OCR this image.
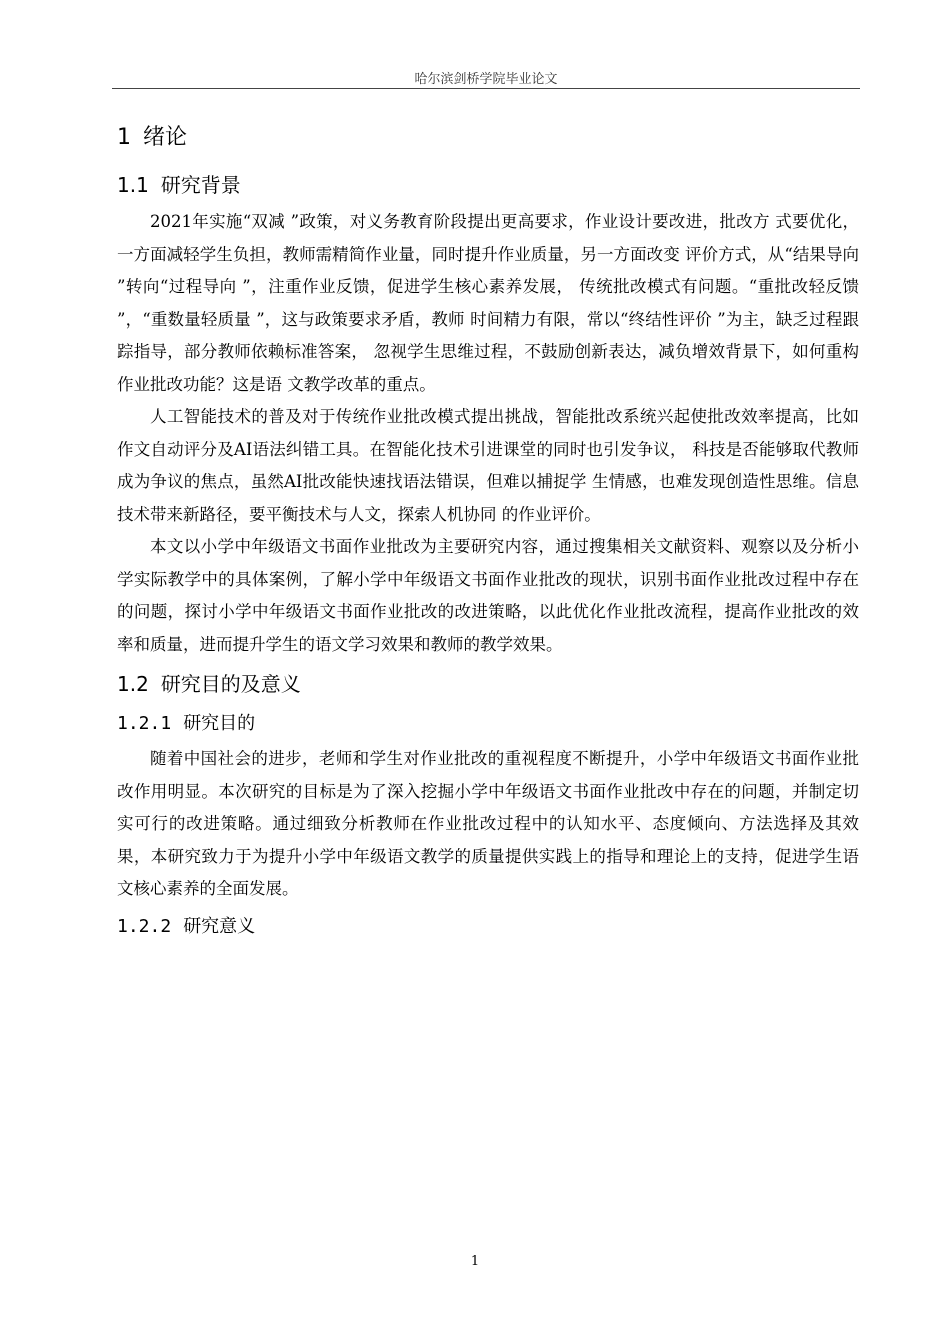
哈尔滨剑桥学院毕业论文
1 绪论
1.1 研究背景

2021年实施“双减 ”政策，对义务教育阶段提出更高要求，作业设计要改进，批改方 式要优化，一方面减轻学生负担，教师需精简作业量，同时提升作业质量，另一方面改变 评价方式，从“结果导向 ”转向“过程导向 ”，注重作业反馈，促进学生核心素养发展， 传统批改模式有问题。“重批改轻反馈 ”，“重数量轻质量 ”，这与政策要求矛盾，教师 时间精力有限，常以“终结性评价 ”为主，缺乏过程跟踪指导，部分教师依赖标准答案， 忽视学生思维过程，不鼓励创新表达，减负增效背景下，如何重构作业批改功能？这是语 文教学改革的重点。

人工智能技术的普及对于传统作业批改模式提出挑战，智能批改系统兴起使批改效率提高，比如作文自动评分及AI语法纠错工具。在智能化技术引进课堂的同时也引发争议， 科技是否能够取代教师成为争议的焦点，虽然AI批改能快速找语法错误，但难以捕捉学 生情感，也难发现创造性思维。信息技术带来新路径，要平衡技术与人文，探索人机协同 的作业评价。

本文以小学中年级语文书面作业批改为主要研究内容，通过搜集相关文献资料、观察以及分析小学实际教学中的具体案例，了解小学中年级语文书面作业批改的现状，识别书面作业批改过程中存在的问题，探讨小学中年级语文书面作业批改的改进策略，以此优化作业批改流程，提高作业批改的效率和质量，进而提升学生的语文学习效果和教师的教学效果。

1.2 研究目的及意义
1.2.1 研究目的

随着中国社会的进步，老师和学生对作业批改的重视程度不断提升，小学中年级语文书面作业批改作用明显。本次研究的目标是为了深入挖掘小学中年级语文书面作业批改中存在的问题，并制定切实可行的改进策略。通过细致分析教师在作业批改过程中的认知水平、态度倾向、方法选择及其效果，本研究致力于为提升小学中年级语文教学的质量提供实践上的指导和理论上的支持，促进学生语文核心素养的全面发展。

1.2.2 研究意义
1
